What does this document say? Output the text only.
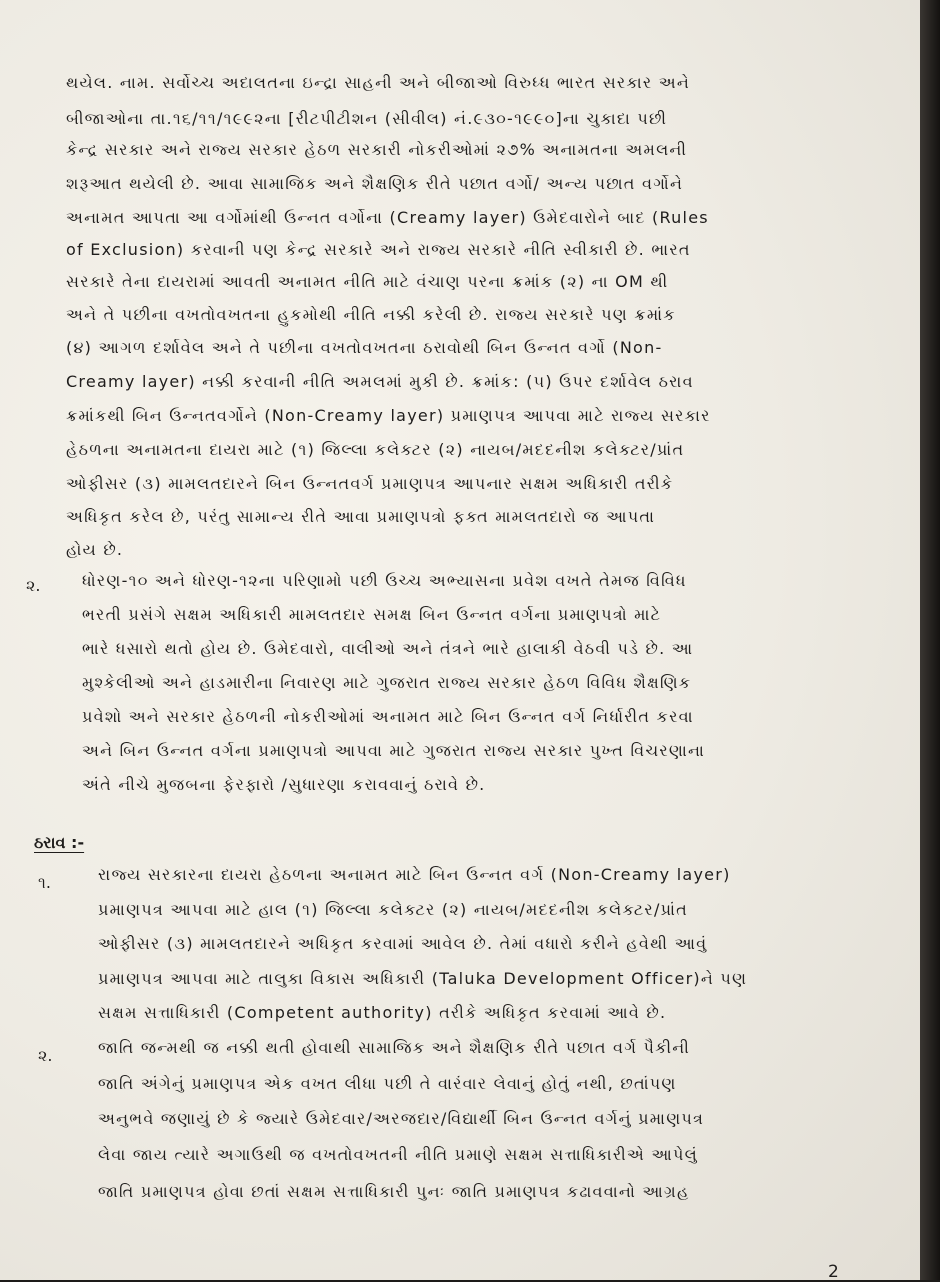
થયેલ. નામ. સર્વોચ્ચ અદાલતના ઇન્દ્રા સાહની અને બીજાઓ વિરુધ્ધ ભારત સરકાર અને
બીજાઓના તા.૧૬/૧૧/૧૯૯૨ના [રીટપીટીશન (સીવીલ) નં.૯૩૦-૧૯૯૦]ના ચુકાદા પછી
કેન્દ્ર સરકાર અને રાજ્ય સરકાર હેઠળ સરકારી નોકરીઓમાં ૨૭% અનામતના અમલની
શરૂઆત થયેલી છે. આવા સામાજિક અને શૈક્ષણિક રીતે પછાત વર્ગો/ અન્ય પછાત વર્ગોને
અનામત આપતા આ વર્ગોમાંથી ઉન્નત વર્ગોના (Creamy layer) ઉમેદવારોને બાદ (Rules
of Exclusion) કરવાની પણ કેન્દ્ર સરકારે અને રાજ્ય સરકારે નીતિ સ્વીકારી છે. ભારત
સરકારે તેના દાયરામાં આવતી અનામત નીતિ માટે વંચાણ પરના ક્રમાંક (૨) ના OM થી
અને તે પછીના વખતોવખતના હુકમોથી નીતિ નક્કી કરેલી છે. રાજ્ય સરકારે પણ ક્રમાંક
(૪) આગળ દર્શાવેલ અને તે પછીના વખતોવખતના ઠરાવોથી બિન ઉન્નત વર્ગો (Non-
Creamy layer) નક્કી કરવાની નીતિ અમલમાં મુકી છે. ક્રમાંક: (૫) ઉપર દર્શાવેલ ઠરાવ
ક્રમાંકથી બિન ઉન્નતવર્ગોને (Non-Creamy layer) પ્રમાણપત્ર આપવા માટે રાજ્ય સરકાર
હેઠળના અનામતના દાયરા માટે (૧) જિલ્લા કલેક્ટર (૨) નાયબ/મદદનીશ કલેક્ટર/પ્રાંત
ઓફીસર (૩) મામલતદારને બિન ઉન્નતવર્ગ પ્રમાણપત્ર આપનાર સક્ષમ અધિકારી તરીકે
અધિકૃત કરેલ છે, પરંતુ સામાન્ય રીતે આવા પ્રમાણપત્રો ફક્ત મામલતદારો જ આપતા
હોય છે.
૨.	ધોરણ-૧૦ અને ધોરણ-૧૨ના પરિણામો પછી ઉચ્ચ અભ્યાસના પ્રવેશ વખતે તેમજ વિવિધ
ભરતી પ્રસંગે સક્ષમ અધિકારી મામલતદાર સમક્ષ બિન ઉન્નત વર્ગના પ્રમાણપત્રો માટે
ભારે ધસારો થતો હોય છે. ઉમેદવારો, વાલીઓ અને તંત્રને ભારે હાલાકી વેઠવી પડે છે. આ
મુશ્કેલીઓ અને હાડમારીના નિવારણ માટે ગુજરાત રાજ્ય સરકાર હેઠળ વિવિધ શૈક્ષણિક
પ્રવેશો અને સરકાર હેઠળની નોકરીઓમાં અનામત માટે બિન ઉન્નત વર્ગ નિર્ધારીત કરવા
અને બિન ઉન્નત વર્ગના પ્રમાણપત્રો આપવા માટે ગુજરાત રાજ્ય સરકાર પુખ્ત વિચરણાના
અંતે નીચે મુજબના ફેરફારો /સુધારણા કરાવવાનું ઠરાવે છે.
ઠરાવ :-
૧.	રાજ્ય સરકારના દાયરા હેઠળના અનામત માટે બિન ઉન્નત વર્ગ (Non-Creamy layer)
પ્રમાણપત્ર આપવા માટે હાલ (૧) જિલ્લા કલેક્ટર (૨) નાયબ/મદદનીશ કલેક્ટર/પ્રાંત
ઓફીસર (૩) મામલતદારને અધિકૃત કરવામાં આવેલ છે. તેમાં વધારો કરીને હવેથી આવું
પ્રમાણપત્ર આપવા માટે તાલુકા વિકાસ અધિકારી (Taluka Development Officer)ને પણ
સક્ષમ સત્તાધિકારી (Competent authority) તરીકે અધિકૃત કરવામાં આવે છે.
૨.	જાતિ જન્મથી જ નક્કી થતી હોવાથી સામાજિક અને શૈક્ષણિક રીતે પછાત વર્ગ પૈકીની
જાતિ અંગેનું પ્રમાણપત્ર એક વખત લીધા પછી તે વારંવાર લેવાનું હોતું નથી, છતાંપણ
અનુભવે જણાયું છે કે જ્યારે ઉમેદવાર/અરજદાર/વિદ્યાર્થી બિન ઉન્નત વર્ગનું પ્રમાણપત્ર
લેવા જાય ત્યારે અગાઉથી જ વખતોવખતની નીતિ પ્રમાણે સક્ષમ સત્તાધિકારીએ આપેલું
જાતિ પ્રમાણપત્ર હોવા છતાં સક્ષમ સત્તાધિકારી પુનઃ જાતિ પ્રમાણપત્ર કઢાવવાનો આગ્રહ
2
